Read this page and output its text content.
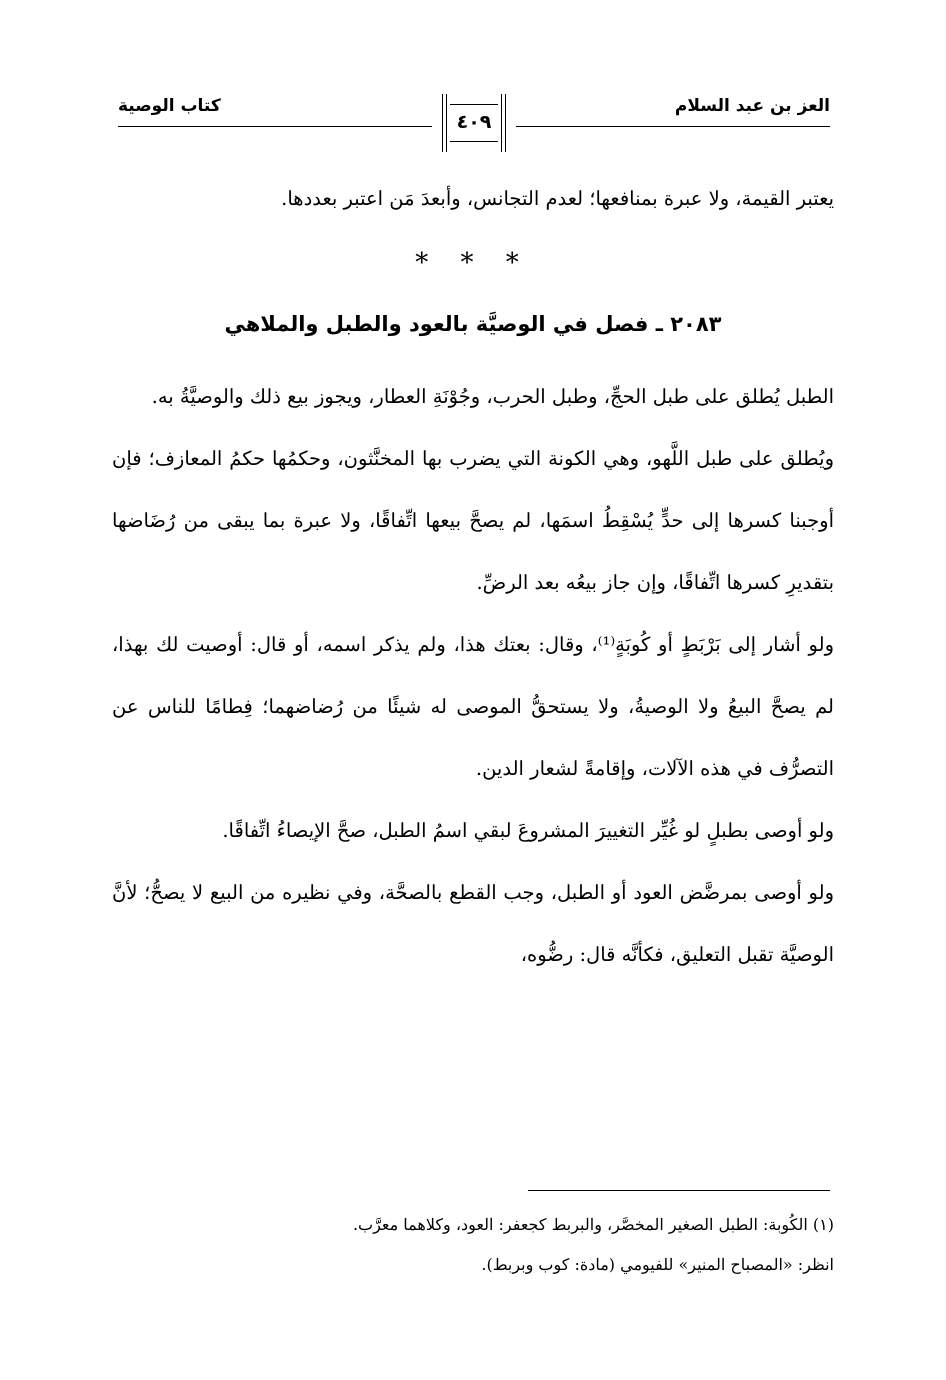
العز بن عبد السلام
كتاب الوصية
٤٠٩

يعتبر القيمة، ولا عبرة بمنافعها؛ لعدم التجانس، وأبعدَ مَن اعتبر بعددها.

* * *
٢٠٨٣ ـ فصل في الوصيَّة بالعود والطبل والملاهي

الطبل يُطلق على طبل الحجِّ، وطبل الحرب، وجُوْنَةِ العطار، ويجوز بيع ذلك والوصيَّةُ به.

ويُطلق على طبل اللَّهو، وهي الكونة التي يضرب بها المخنَّثون، وحكمُها حكمُ المعازف؛ فإن أوجبنا كسرها إلى حدٍّ يُسْقِطُ اسمَها، لم يصحَّ بيعها اتِّفاقًا، ولا عبرة بما يبقى من رُضَاضها بتقديرِ كسرها اتِّفاقًا، وإن جاز بيعُه بعد الرضِّ.

ولو أشار إلى بَرْبَطٍ أو كُوبَةٍ⁽¹⁾، وقال: بعتك هذا، ولم يذكر اسمه، أو قال: أوصيت لك بهذا، لم يصحَّ البيعُ ولا الوصيةُ، ولا يستحقُّ الموصى له شيئًا من رُضاضهما؛ فِطامًا للناس عن التصرُّف في هذه الآلات، وإقامةً لشعار الدين.

ولو أوصى بطبلٍ لو غُيِّر التغييرَ المشروعَ لبقي اسمُ الطبل، صحَّ الإيصاءُ اتِّفاقًا.

ولو أوصى بمرضَّض العود أو الطبل، وجب القطع بالصحَّة، وفي نظيره من البيع لا يصحُّ؛ لأنَّ الوصيَّة تقبل التعليق، فكأنَّه قال: رضُّوه،

(١) الكُوبة: الطبل الصغير المخصَّر، والبربط كجعفر: العود، وكلاهما معرَّب.

انظر: «المصباح المنير» للفيومي (مادة: كوب وبربط).
